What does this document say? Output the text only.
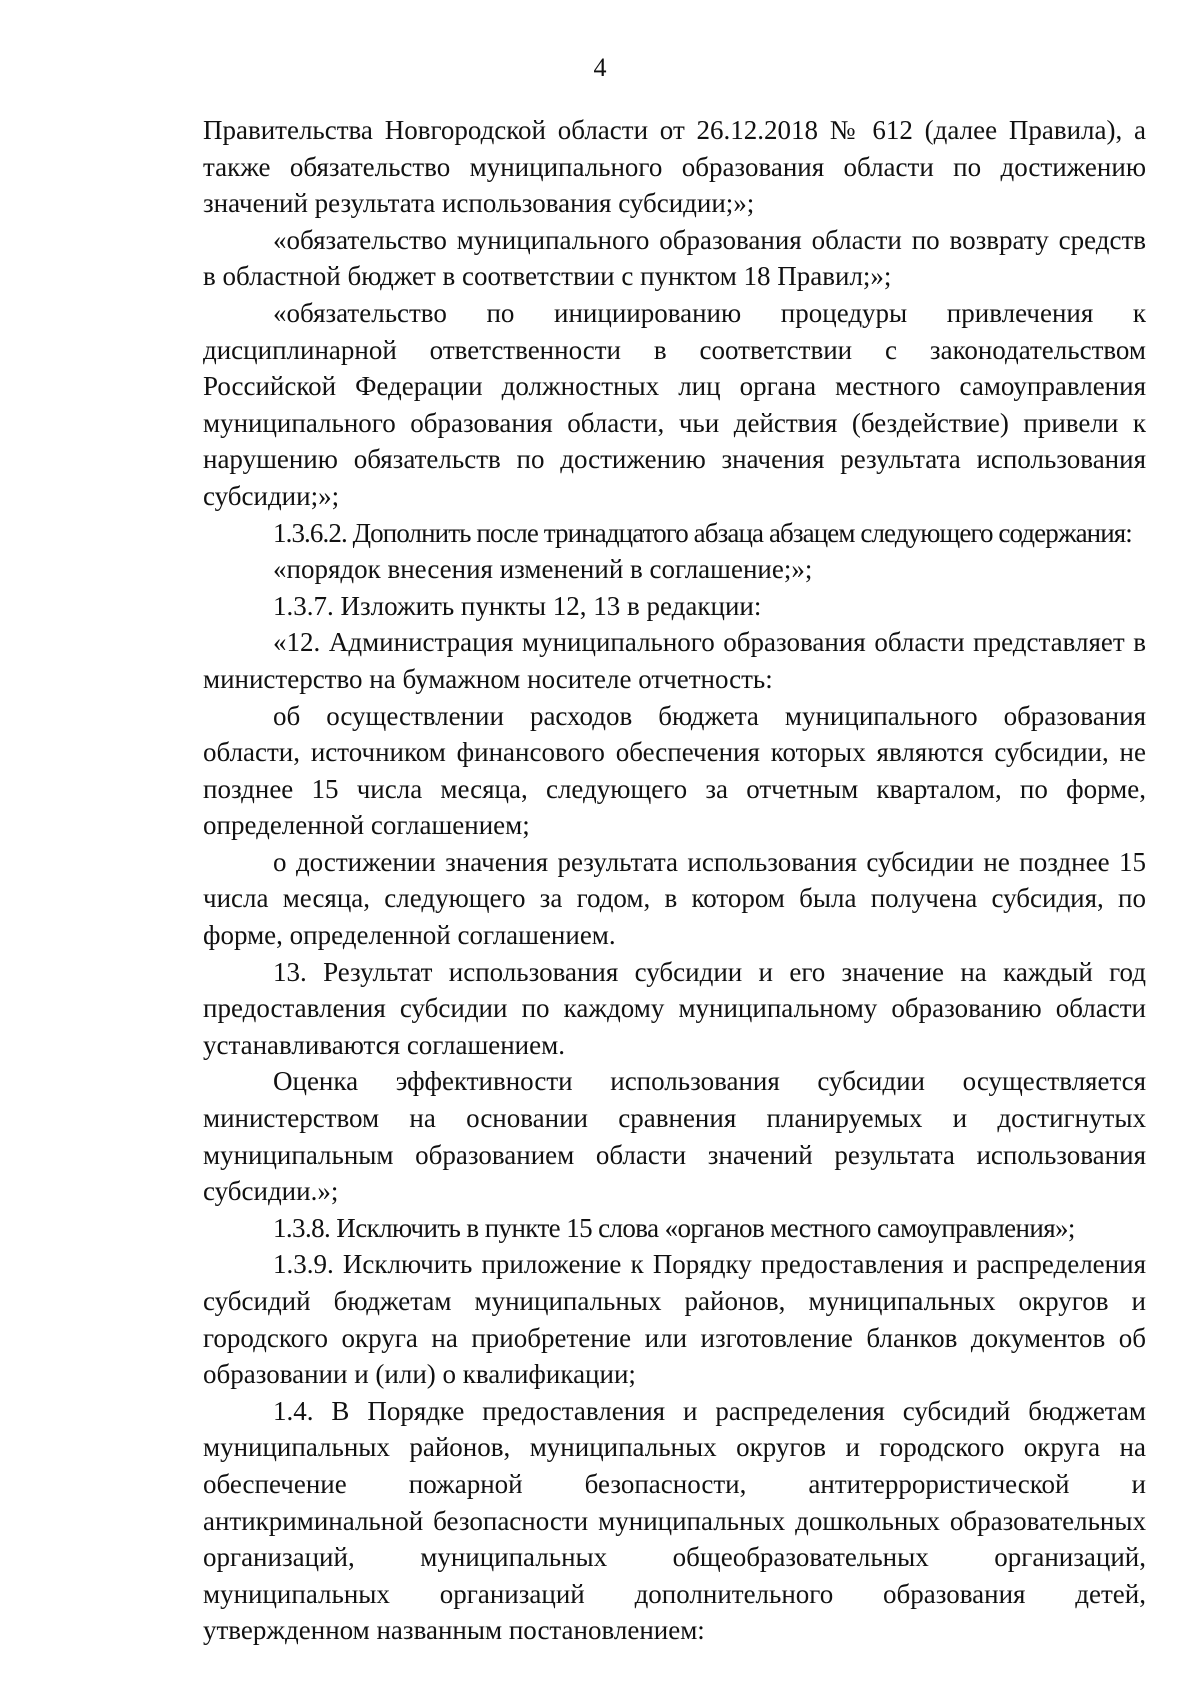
4

Правительства Новгородской области от 26.12.2018 № 612 (далее Правила), а также обязательство муниципального образования области по достижению значений результата использования субсидии;»;

«обязательство муниципального образования области по возврату средств в областной бюджет в соответствии с пунктом 18 Правил;»;

«обязательство по инициированию процедуры привлечения к дисциплинарной ответственности в соответствии с законодательством Российской Федерации должностных лиц органа местного самоуправления муниципального образования области, чьи действия (бездействие) привели к нарушению обязательств по достижению значения результата использования субсидии;»;

1.3.6.2. Дополнить после тринадцатого абзаца абзацем следующего содержания:

«порядок внесения изменений в соглашение;»;

1.3.7. Изложить пункты 12, 13 в редакции:

«12. Администрация муниципального образования области представляет в министерство на бумажном носителе отчетность:

об осуществлении расходов бюджета муниципального образования области, источником финансового обеспечения которых являются субсидии, не позднее 15 числа месяца, следующего за отчетным кварталом, по форме, определенной соглашением;

о достижении значения результата использования субсидии не позднее 15 числа месяца, следующего за годом, в котором была получена субсидия, по форме, определенной соглашением.

13. Результат использования субсидии и его значение на каждый год предоставления субсидии по каждому муниципальному образованию области устанавливаются соглашением.

Оценка эффективности использования субсидии осуществляется министерством на основании сравнения планируемых и достигнутых муниципальным образованием области значений результата использования субсидии.»;

1.3.8. Исключить в пункте 15 слова «органов местного самоуправления»;

1.3.9. Исключить приложение к Порядку предоставления и распределения субсидий бюджетам муниципальных районов, муниципальных округов и городского округа на приобретение или изготовление бланков документов об образовании и (или) о квалификации;

1.4. В Порядке предоставления и распределения субсидий бюджетам муниципальных районов, муниципальных округов и городского округа на обеспечение пожарной безопасности, антитеррористической и антикриминальной безопасности муниципальных дошкольных образовательных организаций, муниципальных общеобразовательных организаций, муниципальных организаций дополнительного образования детей, утвержденном названным постановлением:
